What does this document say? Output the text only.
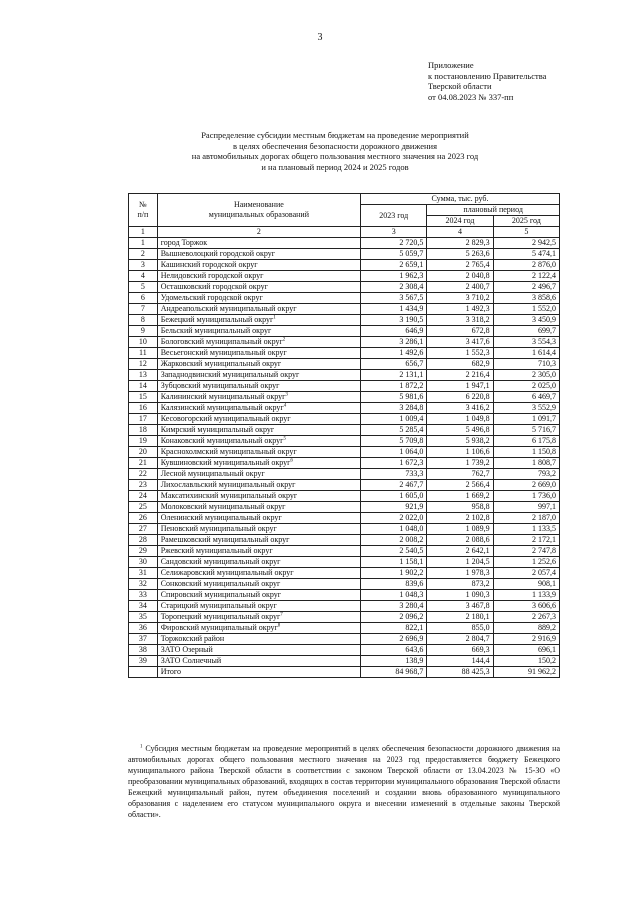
3
Приложение
к постановлению Правительства
Тверской области
от 04.08.2023 № 337-пп
Распределение субсидии местным бюджетам на проведение мероприятий
в целях обеспечения безопасности дорожного движения
на автомобильных дорогах общего пользования местного значения на 2023 год
и на плановый период 2024 и 2025 годов
№
п/п	Наименование
муниципальных образований	Сумма, тыс. руб.		
		2023 год	плановый период	
			2024 год	2025 год
1	2	3	4	5
1	город Торжок	2 720,5	2 829,3	2 942,5
2	Вышневолоцкий городской округ	5 059,7	5 263,6	5 474,1
3	Кашинский городской округ	2 659,1	2 765,4	2 876,0
4	Нелидовский городской округ	1 962,3	2 040,8	2 122,4
5	Осташковский городской округ	2 308,4	2 400,7	2 496,7
6	Удомельский городской округ	3 567,5	3 710,2	3 858,6
7	Андреапольский муниципальный округ	1 434,9	1 492,3	1 552,0
8	Бежецкий муниципальный округ$^1$	3 190,5	3 318,2	3 450,9
9	Бельский муниципальный округ	646,9	672,8	699,7
10	Бологовский муниципальный округ$^2$	3 286,1	3 417,6	3 554,3
11	Весьегонский муниципальный округ	1 492,6	1 552,3	1 614,4
12	Жарковский муниципальный округ	656,7	682,9	710,3
13	Западнодвинский муниципальный округ	2 131,1	2 216,4	2 305,0
14	Зубцовский муниципальный округ	1 872,2	1 947,1	2 025,0
15	Калининский муниципальный округ$^3$	5 981,6	6 220,8	6 469,7
16	Калязинский муниципальный округ$^4$	3 284,8	3 416,2	3 552,9
17	Кесовогорский муниципальный округ	1 009,4	1 049,8	1 091,7
18	Кимрский муниципальный округ	5 285,4	5 496,8	5 716,7
19	Конаковский муниципальный округ$^5$	5 709,8	5 938,2	6 175,8
20	Краснохолмский муниципальный округ	1 064,0	1 106,6	1 150,8
21	Кувшиновский муниципальный округ$^6$	1 672,3	1 739,2	1 808,7
22	Лесной муниципальный округ	733,3	762,7	793,2
23	Лихославльский муниципальный округ	2 467,7	2 566,4	2 669,0
24	Максатихинский муниципальный округ	1 605,0	1 669,2	1 736,0
25	Молоковский муниципальный округ	921,9	958,8	997,1
26	Оленинский муниципальный округ	2 022,0	2 102,8	2 187,0
27	Пеновский муниципальный округ	1 048,0	1 089,9	1 133,5
28	Рамешковский муниципальный округ	2 008,2	2 088,6	2 172,1
29	Ржевский муниципальный округ	2 540,5	2 642,1	2 747,8
30	Сандовский муниципальный округ	1 158,1	1 204,5	1 252,6
31	Селижаровский муниципальный округ	1 902,2	1 978,3	2 057,4
32	Сонковский муниципальный округ	839,6	873,2	908,1
33	Спировский муниципальный округ	1 048,3	1 090,3	1 133,9
34	Старицкий муниципальный округ	3 280,4	3 467,8	3 606,6
35	Торопецкий муниципальный округ$^7$	2 096,2	2 180,1	2 267,3
36	Фировский муниципальный округ$^8$	822,1	855,0	889,2
37	Торжокский район	2 696,9	2 804,7	2 916,9
38	ЗАТО Озерный	643,6	669,3	696,1
39	ЗАТО Солнечный	138,9	144,4	150,2
	Итого	84 968,7	88 425,3	91 962,2
$^1$ Субсидия местным бюджетам на проведение мероприятий в целях обеспечения безопасности дорожного движения на автомобильных дорогах общего пользования местного значения на 2023 год предоставляется бюджету Бежецкого муниципального района Тверской области в соответствии с законом Тверской области от 13.04.2023 № 15-ЗО «О преобразовании муниципальных образований, входящих в состав территории муниципального образования Тверской области Бежецкий муниципальный район, путем объединения поселений и создании вновь образованного муниципального образования с наделением его статусом муниципального округа и внесении изменений в отдельные законы Тверской области».
